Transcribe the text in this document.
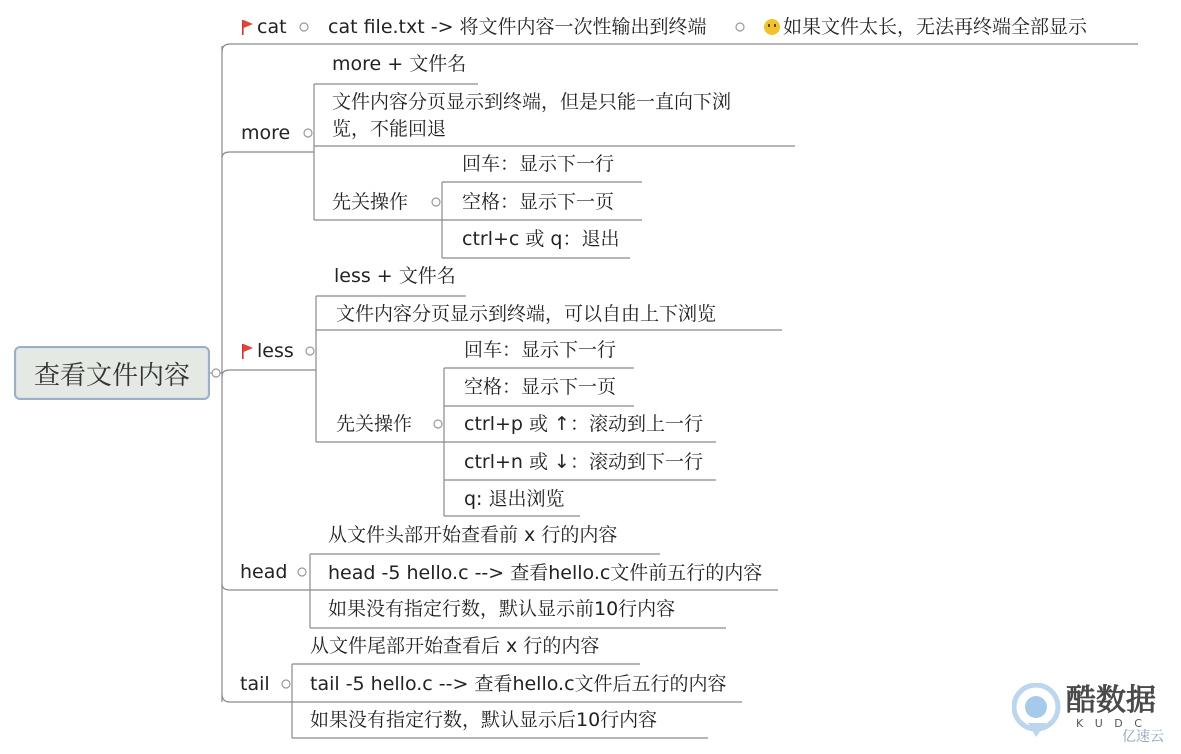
查看文件内容
cat cat file.txt -> 将文件内容一次性输出到终端	如果文件太长，无法再终端全部显示
more
more + 文件名
文件内容分页显示到终端，但是只能一直向下浏
览，不能回退
先关操作
回车：显示下一行
空格：显示下一页
ctrl+c 或 q：退出
less
less + 文件名
文件内容分页显示到终端，可以自由上下浏览
先关操作
回车：显示下一行
空格：显示下一页
ctrl+p 或 ↑：滚动到上一行
ctrl+n 或 ↓：滚动到下一行
q: 退出浏览
head
从文件头部开始查看前 x 行的内容
head -5 hello.c --> 查看hello.c文件前五行的内容
如果没有指定行数，默认显示前10行内容
tail
从文件尾部开始查看后 x 行的内容
tail -5 hello.c --> 查看hello.c文件后五行的内容
如果没有指定行数，默认显示后10行内容
酷数据
K U D C
亿速云
